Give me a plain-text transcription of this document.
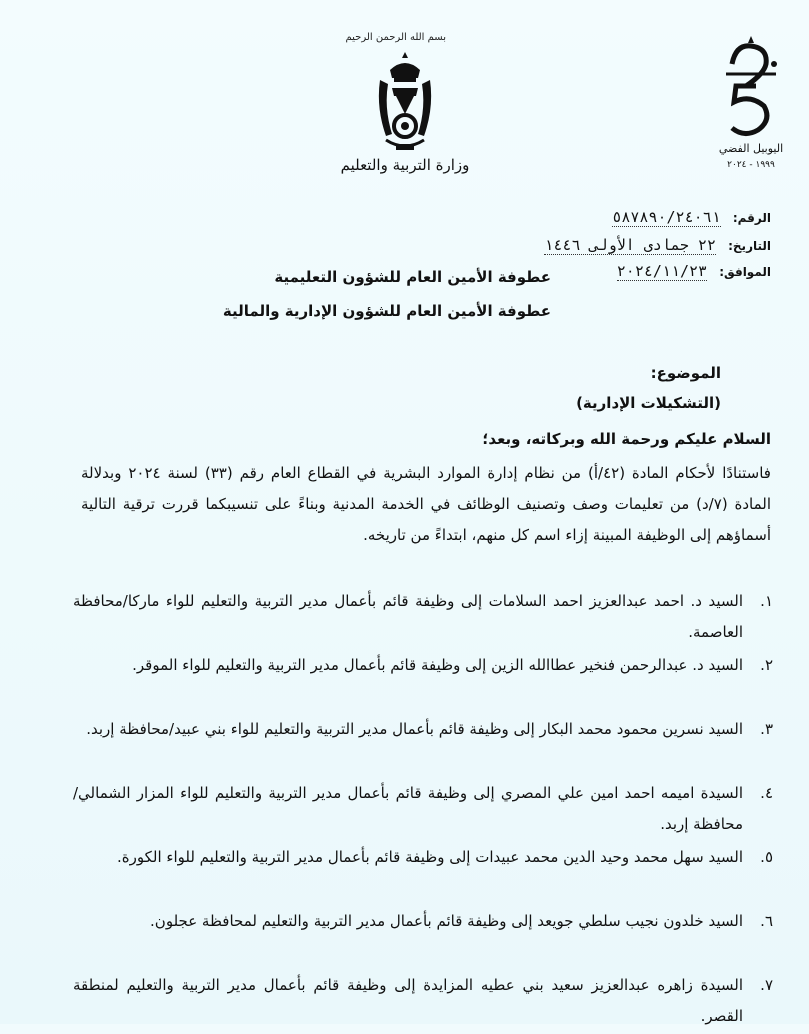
بسم الله الرحمن الرحيم
وزارة التربية والتعليم
اليوبيل الفضي
١٩٩٩ - ٢٠٢٤
الرقم: ٥٨٧٨٩٠/٢٤٠٦١
التاريخ: ٢٢ جمادى الأولى ١٤٤٦
الموافق: ٢٠٢٤/١١/٢٣
عطوفة الأمين العام للشؤون التعليمية
عطوفة الأمين العام للشؤون الإدارية والمالية
الموضوع:
(التشكيلات الإدارية)
السلام عليكم ورحمة الله وبركاته، وبعد؛
فاستنادًا لأحكام المادة (٤٢/أ) من نظام إدارة الموارد البشرية في القطاع العام رقم (٣٣) لسنة ٢٠٢٤ وبدلالة المادة (٧/د) من تعليمات وصف وتصنيف الوظائف في الخدمة المدنية وبناءً على تنسيبكما قررت ترقية التالية أسماؤهم إلى الوظيفة المبينة إزاء اسم كل منهم، ابتداءً من تاريخه.
١.
السيد د. احمد عبدالعزيز احمد السلامات إلى وظيفة قائم بأعمال مدير التربية والتعليم للواء ماركا/محافظة العاصمة.
٢.
السيد د. عبدالرحمن فنخير عطاالله الزين إلى وظيفة قائم بأعمال مدير التربية والتعليم للواء الموقر.
٣.
السيد نسرين محمود محمد البكار إلى وظيفة قائم بأعمال مدير التربية والتعليم للواء بني عبيد/محافظة إربد.
٤.
السيدة اميمه احمد امين علي المصري إلى وظيفة قائم بأعمال مدير التربية والتعليم للواء المزار الشمالي/محافظة إربد.
٥.
السيد سهل محمد وحيد الدين محمد عبيدات إلى وظيفة قائم بأعمال مدير التربية والتعليم للواء الكورة.
٦.
السيد خلدون نجيب سلطي جويعد إلى وظيفة قائم بأعمال مدير التربية والتعليم لمحافظة عجلون.
٧.
السيدة زاهره عبدالعزيز سعيد بني عطيه المزايدة إلى وظيفة قائم بأعمال مدير التربية والتعليم لمنطقة القصر.
